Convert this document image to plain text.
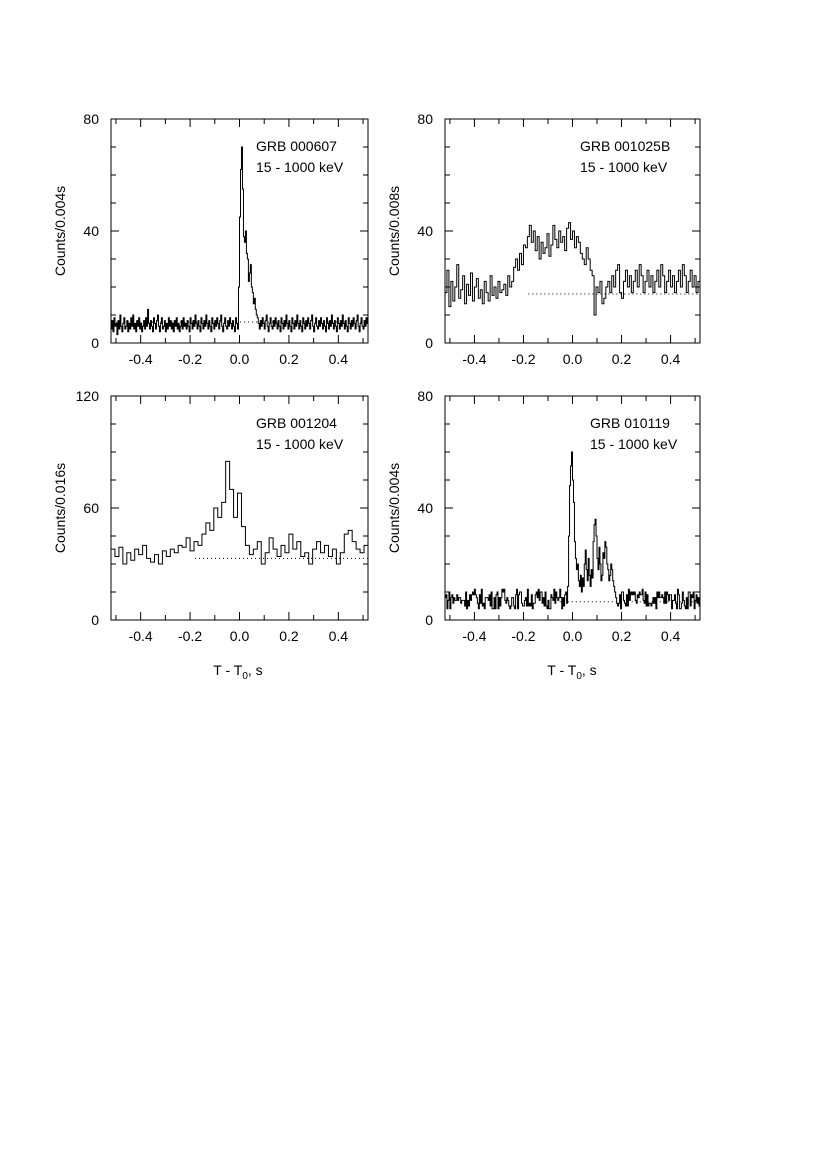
-0.4 -0.2 0.0 0.2 0.4
0
40
80
Counts/0.004s
GRB 000607
15 - 1000 keV
-0.4 -0.2 0.0 0.2 0.4
0
40
80
Counts/0.008s
GRB 001025B
15 - 1000 keV
-0.4 -0.2 0.0 0.2 0.4
0
60
120
Counts/0.016s
GRB 001204
15 - 1000 keV
-0.4 -0.2 0.0 0.2 0.4
0
40
80
Counts/0.004s
GRB 010119
15 - 1000 keV
T - $T_0$, s	T - $T_0$, s
